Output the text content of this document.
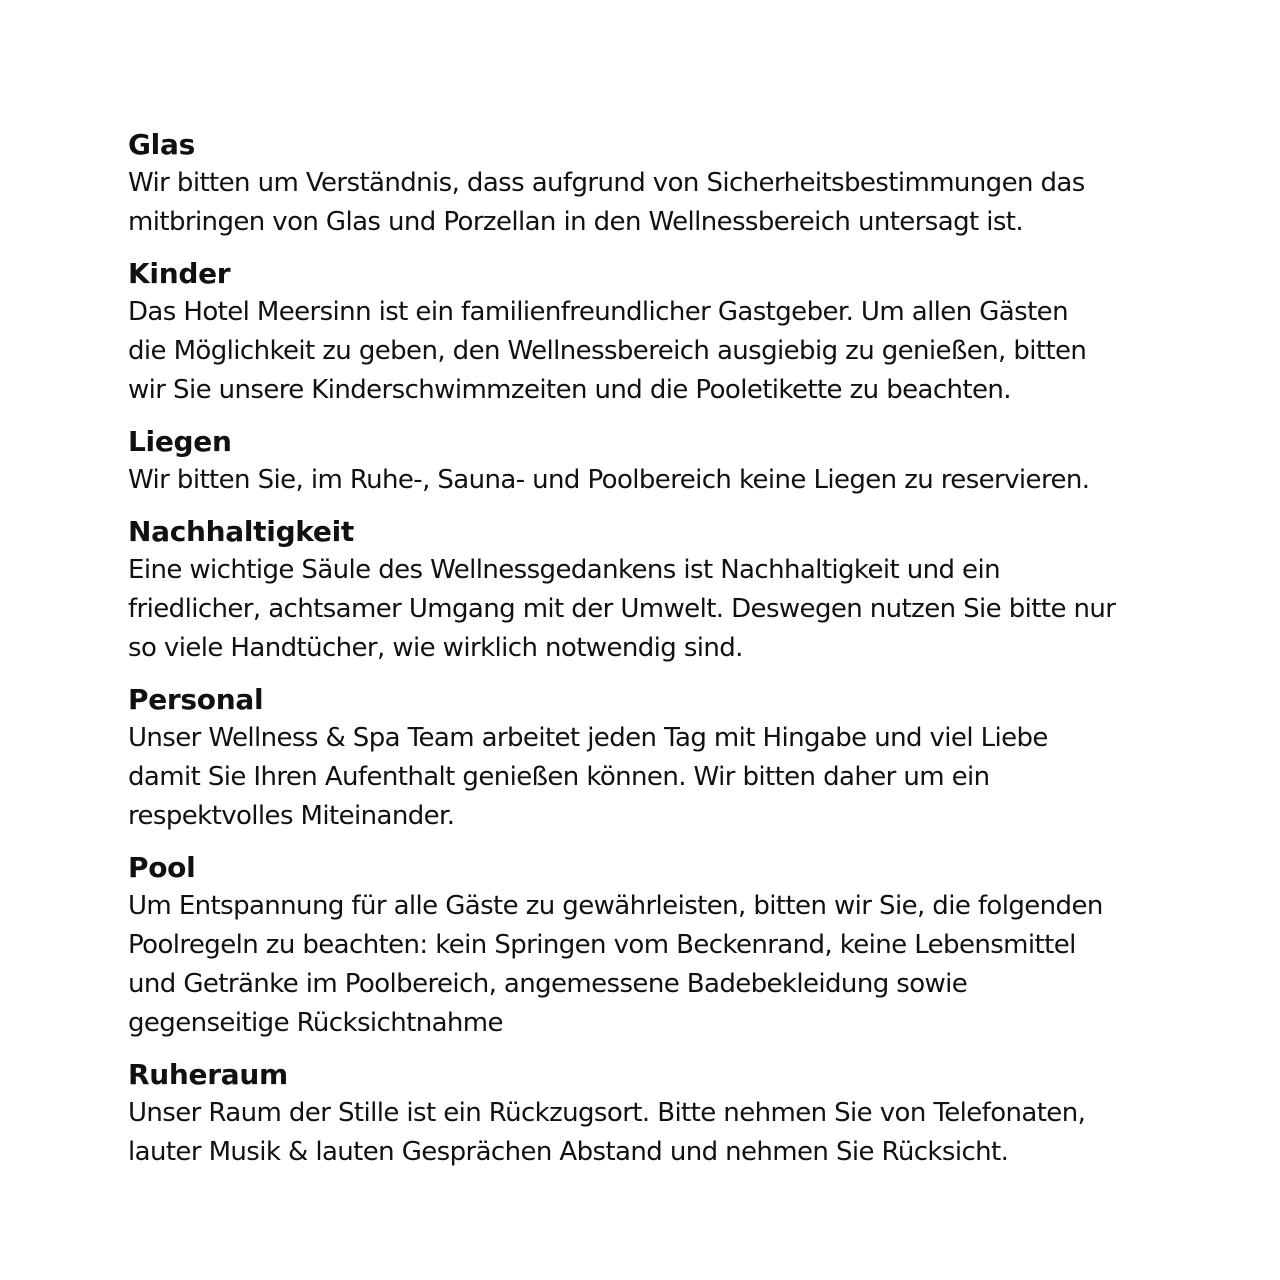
Glas

Wir bitten um Verständnis, dass aufgrund von Sicherheitsbestimmungen das
mitbringen von Glas und Porzellan in den Wellnessbereich untersagt ist.

Kinder

Das Hotel Meersinn ist ein familienfreundlicher Gastgeber. Um allen Gästen
die Möglichkeit zu geben, den Wellnessbereich ausgiebig zu genießen, bitten
wir Sie unsere Kinderschwimmzeiten und die Pooletikette zu beachten.

Liegen

Wir bitten Sie, im Ruhe-, Sauna- und Poolbereich keine Liegen zu reservieren.

Nachhaltigkeit

Eine wichtige Säule des Wellnessgedankens ist Nachhaltigkeit und ein
friedlicher, achtsamer Umgang mit der Umwelt. Deswegen nutzen Sie bitte nur
so viele Handtücher, wie wirklich notwendig sind.

Personal

Unser Wellness & Spa Team arbeitet jeden Tag mit Hingabe und viel Liebe
damit Sie Ihren Aufenthalt genießen können. Wir bitten daher um ein
respektvolles Miteinander.

Pool

Um Entspannung für alle Gäste zu gewährleisten, bitten wir Sie, die folgenden
Poolregeln zu beachten: kein Springen vom Beckenrand, keine Lebensmittel
und Getränke im Poolbereich, angemessene Badebekleidung sowie
gegenseitige Rücksichtnahme

Ruheraum

Unser Raum der Stille ist ein Rückzugsort. Bitte nehmen Sie von Telefonaten,
lauter Musik & lauten Gesprächen Abstand und nehmen Sie Rücksicht.
